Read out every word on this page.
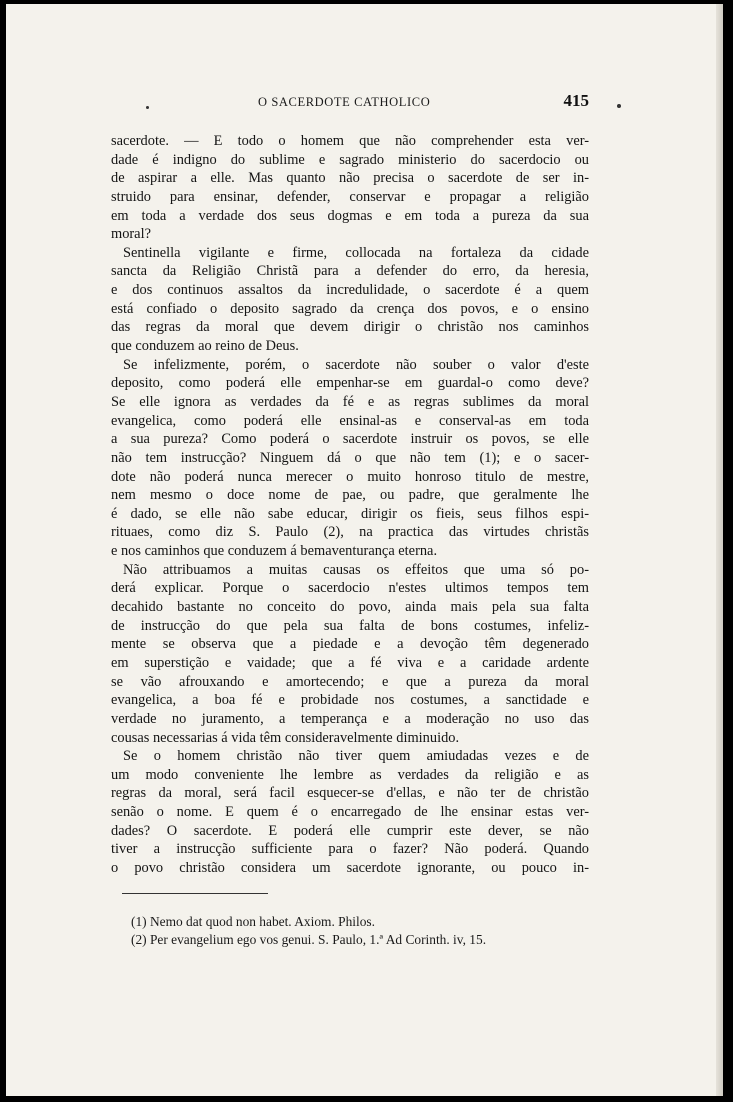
O SACERDOTE CATHOLICO	415
sacerdote. — E todo o homem que não comprehender esta ver-
dade é indigno do sublime e sagrado ministerio do sacerdocio ou
de aspirar a elle. Mas quanto não precisa o sacerdote de ser in-
struido para ensinar, defender, conservar e propagar a religião
em toda a verdade dos seus dogmas e em toda a pureza da sua
moral?
Sentinella vigilante e firme, collocada na fortaleza da cidade
sancta da Religião Christã para a defender do erro, da heresia,
e dos continuos assaltos da incredulidade, o sacerdote é a quem
está confiado o deposito sagrado da crença dos povos, e o ensino
das regras da moral que devem dirigir o christão nos caminhos
que conduzem ao reino de Deus.
Se infelizmente, porém, o sacerdote não souber o valor d'este
deposito, como poderá elle empenhar-se em guardal-o como deve?
Se elle ignora as verdades da fé e as regras sublimes da moral
evangelica, como poderá elle ensinal-as e conserval-as em toda
a sua pureza? Como poderá o sacerdote instruir os povos, se elle
não tem instrucção? Ninguem dá o que não tem (1); e o sacer-
dote não poderá nunca merecer o muito honroso titulo de mestre,
nem mesmo o doce nome de pae, ou padre, que geralmente lhe
é dado, se elle não sabe educar, dirigir os fieis, seus filhos espi-
rituaes, como diz S. Paulo (2), na practica das virtudes christãs
e nos caminhos que conduzem á bemaventurança eterna.
Não attribuamos a muitas causas os effeitos que uma só po-
derá explicar. Porque o sacerdocio n'estes ultimos tempos tem
decahido bastante no conceito do povo, ainda mais pela sua falta
de instrucção do que pela sua falta de bons costumes, infeliz-
mente se observa que a piedade e a devoção têm degenerado
em superstição e vaidade; que a fé viva e a caridade ardente
se vão afrouxando e amortecendo; e que a pureza da moral
evangelica, a boa fé e probidade nos costumes, a sanctidade e
verdade no juramento, a temperança e a moderação no uso das
cousas necessarias á vida têm consideravelmente diminuido.
Se o homem christão não tiver quem amiudadas vezes e de
um modo conveniente lhe lembre as verdades da religião e as
regras da moral, será facil esquecer-se d'ellas, e não ter de christão
senão o nome. E quem é o encarregado de lhe ensinar estas ver-
dades? O sacerdote. E poderá elle cumprir este dever, se não
tiver a instrucção sufficiente para o fazer? Não poderá. Quando
o povo christão considera um sacerdote ignorante, ou pouco in-
(1) Nemo dat quod non habet. Axiom. Philos.
(2) Per evangelium ego vos genui. S. Paulo, 1.ª Ad Corinth. iv, 15.
